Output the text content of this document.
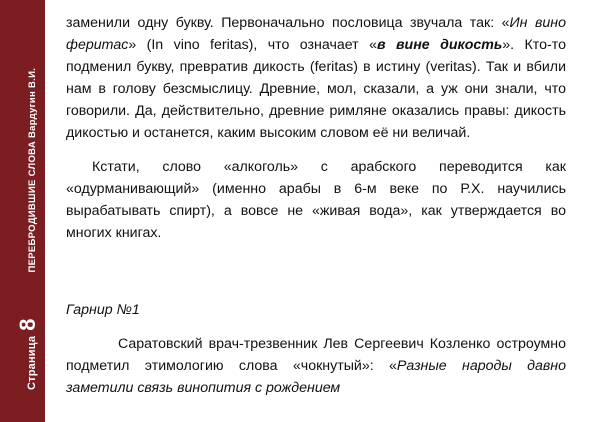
Страница
8
ПЕРЕБРОДИВШИЕ СЛОВА Вардугин В.И.

заменили одну букву. Первоначально пословица звучала так: «Ин вино феритас» (In vino feritas), что означает «в вине дикость». Кто-то подменил букву, превратив дикость (feritas) в истину (veritas). Так и вбили нам в голову безсмыслицу. Древние, мол, сказали, а уж они знали, что говорили. Да, действительно, древние римляне оказались правы: дикость дикостью и останется, каким высоким словом её ни величай.

Кстати, слово «алкоголь» с арабского переводится как «одурманивающий» (именно арабы в 6-м веке по Р.Х. научились вырабатывать спирт), а вовсе не «живая вода», как утверждается во многих книгах.

Гарнир №1

Саратовский врач-трезвенник Лев Сергеевич Козленко остроумно подметил этимологию слова «чокнутый»: «Разные народы давно заметили связь винопития с рождением
